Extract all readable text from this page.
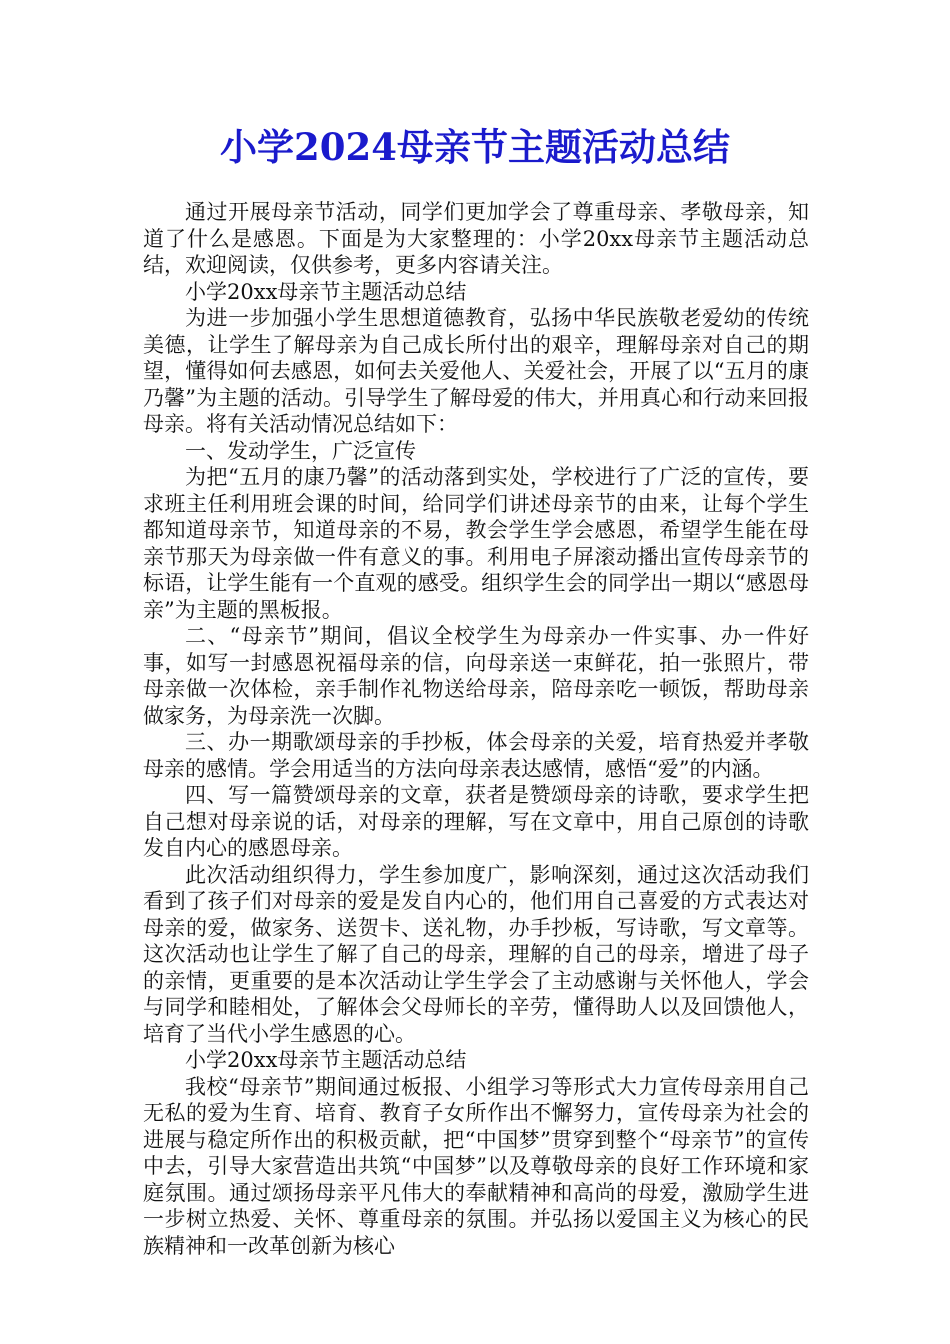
小学2024母亲节主题活动总结

通过开展母亲节活动，同学们更加学会了尊重母亲、孝敬母亲，知道了什么是感恩。下面是为大家整理的：小学20xx母亲节主题活动总结，欢迎阅读，仅供参考，更多内容请关注。

小学20xx母亲节主题活动总结

为进一步加强小学生思想道德教育，弘扬中华民族敬老爱幼的传统美德，让学生了解母亲为自己成长所付出的艰辛，理解母亲对自己的期望，懂得如何去感恩，如何去关爱他人、关爱社会，开展了以“五月的康乃馨”为主题的活动。引导学生了解母爱的伟大，并用真心和行动来回报母亲。将有关活动情况总结如下：

一、发动学生，广泛宣传

为把“五月的康乃馨”的活动落到实处，学校进行了广泛的宣传，要求班主任利用班会课的时间，给同学们讲述母亲节的由来，让每个学生都知道母亲节，知道母亲的不易，教会学生学会感恩，希望学生能在母亲节那天为母亲做一件有意义的事。利用电子屏滚动播出宣传母亲节的标语，让学生能有一个直观的感受。组织学生会的同学出一期以“感恩母亲”为主题的黑板报。

二、“母亲节”期间，倡议全校学生为母亲办一件实事、办一件好事，如写一封感恩祝福母亲的信，向母亲送一束鲜花，拍一张照片，带母亲做一次体检，亲手制作礼物送给母亲，陪母亲吃一顿饭，帮助母亲做家务，为母亲洗一次脚。

三、办一期歌颂母亲的手抄板，体会母亲的关爱，培育热爱并孝敬母亲的感情。学会用适当的方法向母亲表达感情，感悟“爱”的内涵。

四、写一篇赞颂母亲的文章，获者是赞颂母亲的诗歌，要求学生把自己想对母亲说的话，对母亲的理解，写在文章中，用自己原创的诗歌发自内心的感恩母亲。

此次活动组织得力，学生参加度广，影响深刻，通过这次活动我们看到了孩子们对母亲的爱是发自内心的，他们用自己喜爱的方式表达对母亲的爱，做家务、送贺卡、送礼物，办手抄板，写诗歌，写文章等。这次活动也让学生了解了自己的母亲，理解的自己的母亲，增进了母子的亲情，更重要的是本次活动让学生学会了主动感谢与关怀他人，学会与同学和睦相处，了解体会父母师长的辛劳，懂得助人以及回馈他人，培育了当代小学生感恩的心。

小学20xx母亲节主题活动总结

我校“母亲节”期间通过板报、小组学习等形式大力宣传母亲用自己无私的爱为生育、培育、教育子女所作出不懈努力，宣传母亲为社会的进展与稳定所作出的积极贡献，把“中国梦”贯穿到整个“母亲节”的宣传中去，引导大家营造出共筑“中国梦”以及尊敬母亲的良好工作环境和家庭氛围。通过颂扬母亲平凡伟大的奉献精神和高尚的母爱，激励学生进一步树立热爱、关怀、尊重母亲的氛围。并弘扬以爱国主义为核心的民族精神和一改革创新为核心
